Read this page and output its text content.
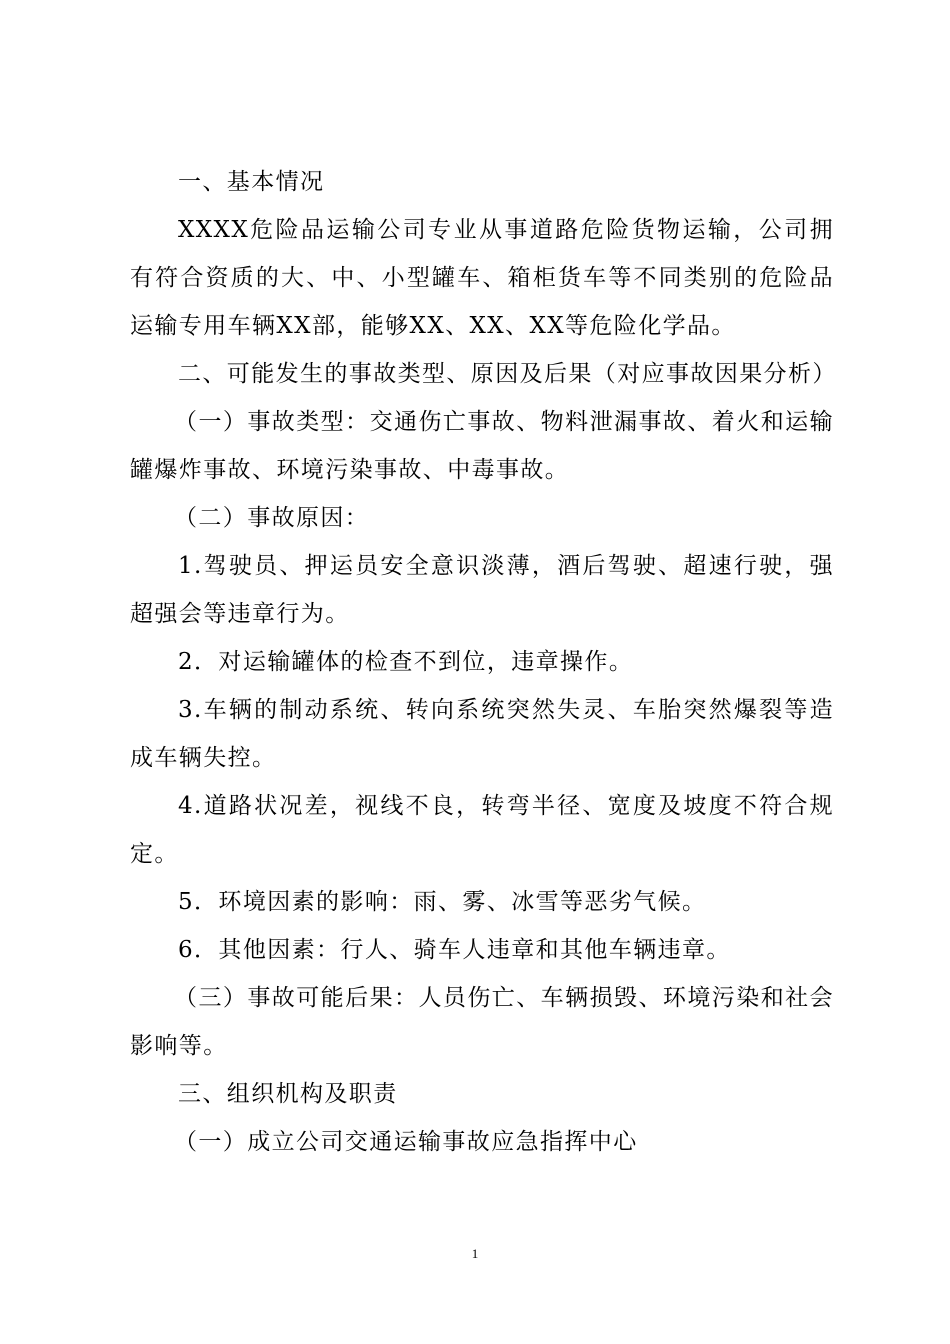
一、基本情况

XXXX危险品运输公司专业从事道路危险货物运输，公司拥有符合资质的大、中、小型罐车、箱柜货车等不同类别的危险品运输专用车辆XX部，能够XX、XX、XX等危险化学品。

二、可能发生的事故类型、原因及后果（对应事故因果分析）

（一）事故类型：交通伤亡事故、物料泄漏事故、着火和运输罐爆炸事故、环境污染事故、中毒事故。

（二）事故原因：

1.驾驶员、押运员安全意识淡薄，酒后驾驶、超速行驶，强超强会等违章行为。

2．对运输罐体的检查不到位，违章操作。

3.车辆的制动系统、转向系统突然失灵、车胎突然爆裂等造成车辆失控。

4.道路状况差，视线不良，转弯半径、宽度及坡度不符合规定。

5．环境因素的影响：雨、雾、冰雪等恶劣气候。

6．其他因素：行人、骑车人违章和其他车辆违章。

（三）事故可能后果：人员伤亡、车辆损毁、环境污染和社会影响等。

三、组织机构及职责

（一）成立公司交通运输事故应急指挥中心

1
